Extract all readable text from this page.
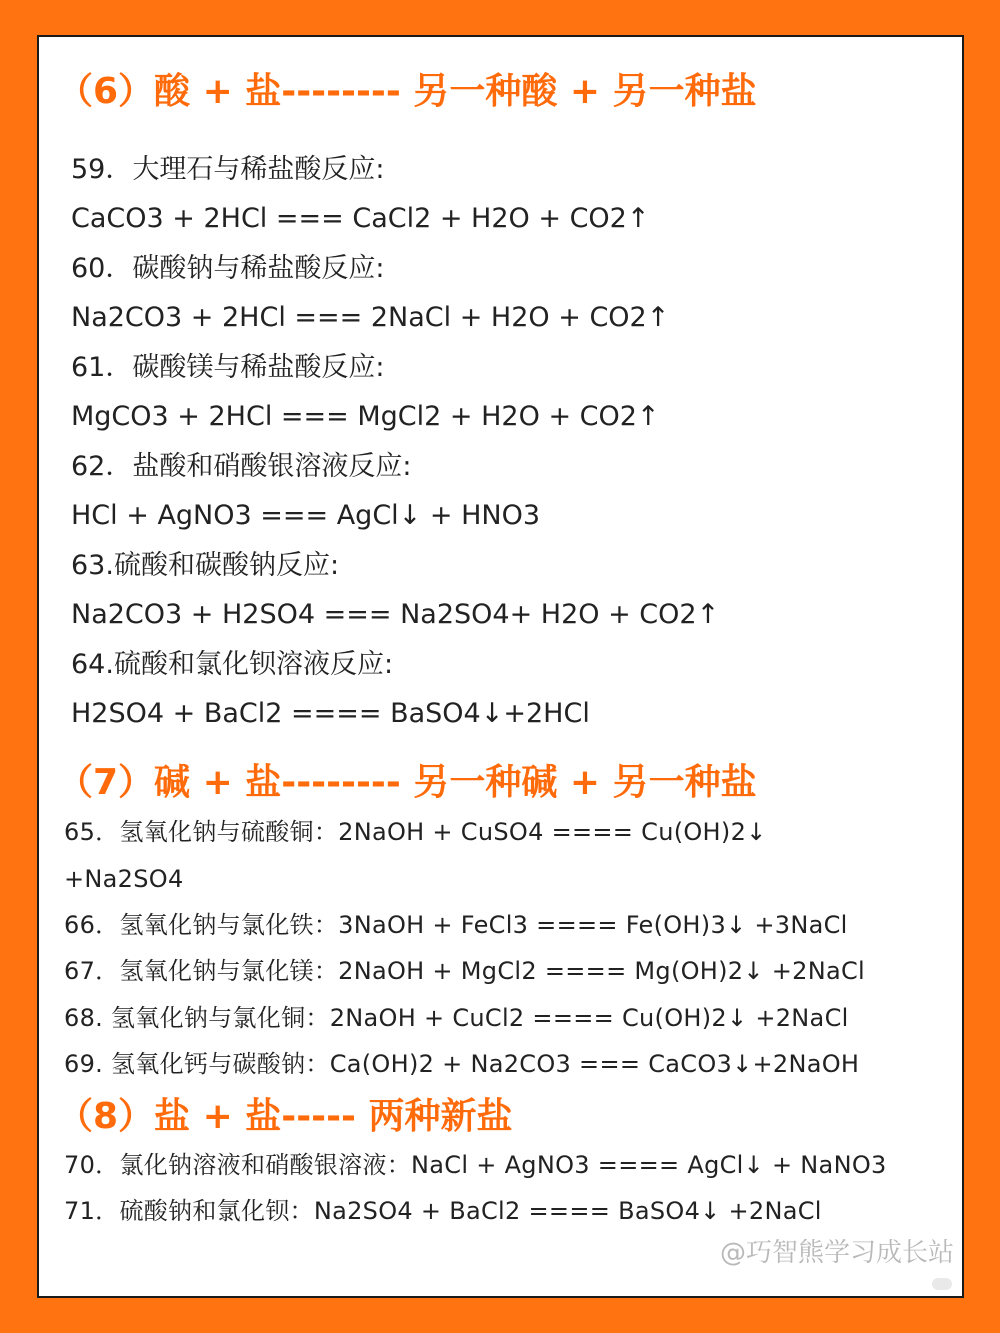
（6）酸 + 盐-------- 另一种酸 + 另一种盐

59．大理石与稀盐酸反应:

CaCO3 + 2HCl === CaCl2 + H2O + CO2↑

60．碳酸钠与稀盐酸反应:

Na2CO3 + 2HCl === 2NaCl + H2O + CO2↑

61．碳酸镁与稀盐酸反应:

MgCO3 + 2HCl === MgCl2 + H2O + CO2↑

62．盐酸和硝酸银溶液反应:

HCl + AgNO3 === AgCl↓ + HNO3

63.硫酸和碳酸钠反应:

Na2CO3 + H2SO4 === Na2SO4+ H2O + CO2↑

64.硫酸和氯化钡溶液反应:

H2SO4 + BaCl2 ==== BaSO4↓+2HCl

（7）碱 + 盐-------- 另一种碱 + 另一种盐

65．氢氧化钠与硫酸铜：2NaOH + CuSO4 ==== Cu(OH)2↓

+Na2SO4

66．氢氧化钠与氯化铁：3NaOH + FeCl3 ==== Fe(OH)3↓ +3NaCl

67．氢氧化钠与氯化镁：2NaOH + MgCl2 ==== Mg(OH)2↓ +2NaCl

68. 氢氧化钠与氯化铜：2NaOH + CuCl2 ==== Cu(OH)2↓ +2NaCl

69. 氢氧化钙与碳酸钠：Ca(OH)2 + Na2CO3 === CaCO3↓+2NaOH

（8）盐 + 盐----- 两种新盐

70．氯化钠溶液和硝酸银溶液：NaCl + AgNO3 ==== AgCl↓ + NaNO3

71．硫酸钠和氯化钡：Na2SO4 + BaCl2 ==== BaSO4↓ +2NaCl

@巧智熊学习成长站
